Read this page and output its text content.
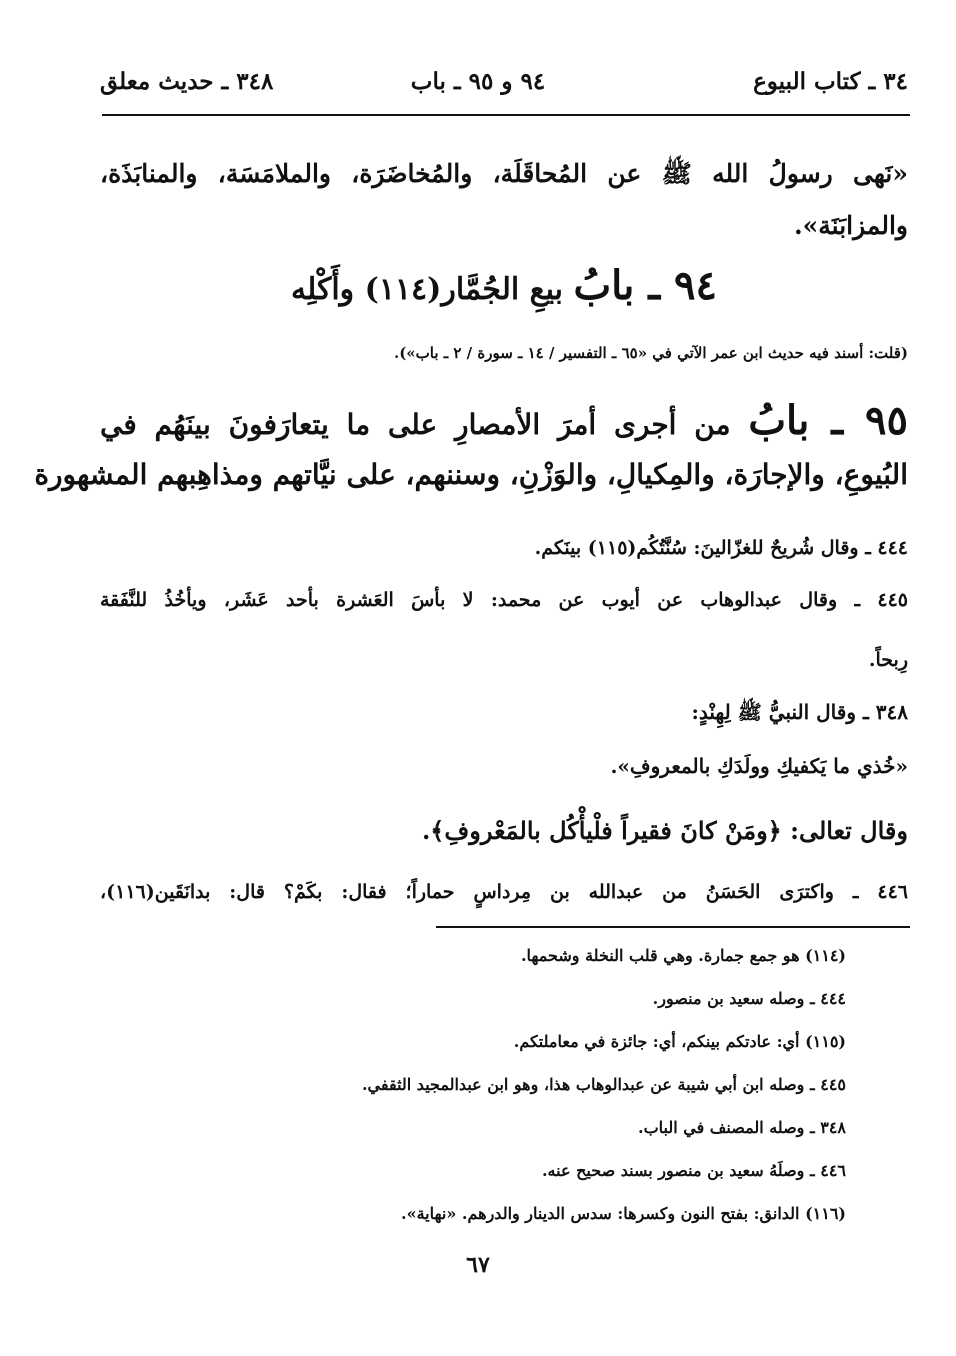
٣٤ ـ كتاب البيوع
٩٤ و ٩٥ ـ باب
٣٤٨ ـ حديث معلق
«نَهى رسولُ الله ﷺ عن المُحاقَلَة، والمُخاضَرَة، والملامَسَة، والمنابَذَة،
والمزابَنَة».
٩٤ ـ بابُ بيعِ الجُمَّار(١١٤) وأَكْلِه
(قلت: أسند فيه حديث ابن عمر الآتي في «٦٥ ـ التفسير / ١٤ ـ سورة / ٢ ـ باب»).
٩٥ ـ بابُ من أجرى أمرَ الأمصارِ على ما يتعارَفونَ بينَهُم في
البُيوعِ، والإجارَة، والمِكيالِ، والوَزْنِ، وسننهم، على نيَّاتهم ومذاهِبهم المشهورة
٤٤٤ ـ وقال شُريحٌ للغزّالينَ: سُنَّتُكُم(١١٥) بينَكم.
٤٤٥ ـ وقال عبدالوهاب عن أيوب عن محمد: لا بأسَ العَشرة بأحد عَشَر، ويأخُذُ للنَّفَقة
رِبحاً.
٣٤٨ ـ وقال النبيُّ ﷺ لِهِنْدٍ:
«خُذي ما يَكفيكِ وولَدَكِ بالمعروفِ».
وقال تعالى: ﴿ومَنْ كانَ فقيراً فلْيأْكُل بالمَعْروفِ﴾.
٤٤٦ ـ واكترَى الحَسَنُ من عبدالله بن مِرداسٍ حماراً؛ فقال: بكَمْ؟ قال: بدانَقَين(١١٦)،
(١١٤) هو جمع جمارة. وهي قلب النخلة وشحمها.
٤٤٤ ـ وصله سعيد بن منصور.
(١١٥) أي: عادتكم بينكم، أي: جائزة في معاملتكم.
٤٤٥ ـ وصله ابن أبي شيبة عن عبدالوهاب هذا، وهو ابن عبدالمجيد الثقفي.
٣٤٨ ـ وصله المصنف في الباب.
٤٤٦ ـ وصلَهُ سعيد بن منصور بسند صحيح عنه.
(١١٦) الدانق: بفتح النون وكسرها: سدس الدينار والدرهم. «نهاية».
٦٧
